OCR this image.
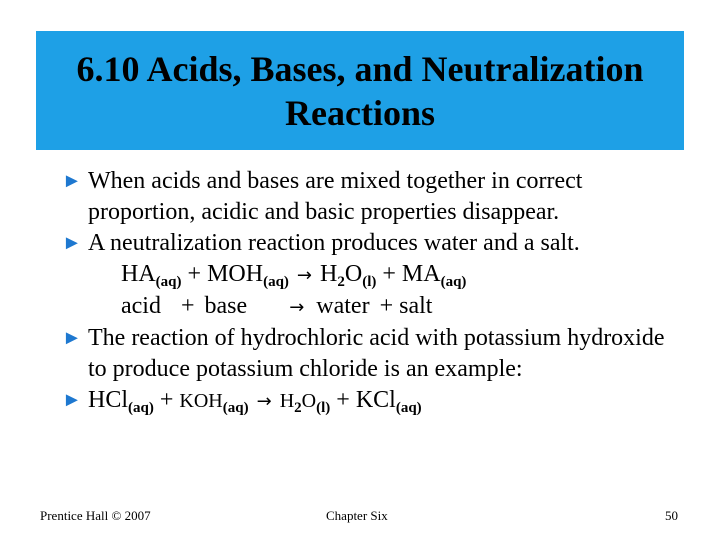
6.10 Acids, Bases, and Neutralization Reactions
► When acids and bases are mixed together in correct proportion, acidic and basic properties disappear.
► A neutralization reaction produces water and a salt.
$HA_{(aq)} + MOH_{(aq)} \to H_2O_{(l)} + MA_{(aq)}$
acid + base → water + salt
► The reaction of hydrochloric acid with potassium hydroxide to produce potassium chloride is an example:
► $HCl_{(aq)} + KOH_{(aq)} \to H_2O_{(l)} + KCl_{(aq)}$
Prentice Hall © 2007	Chapter Six	50
